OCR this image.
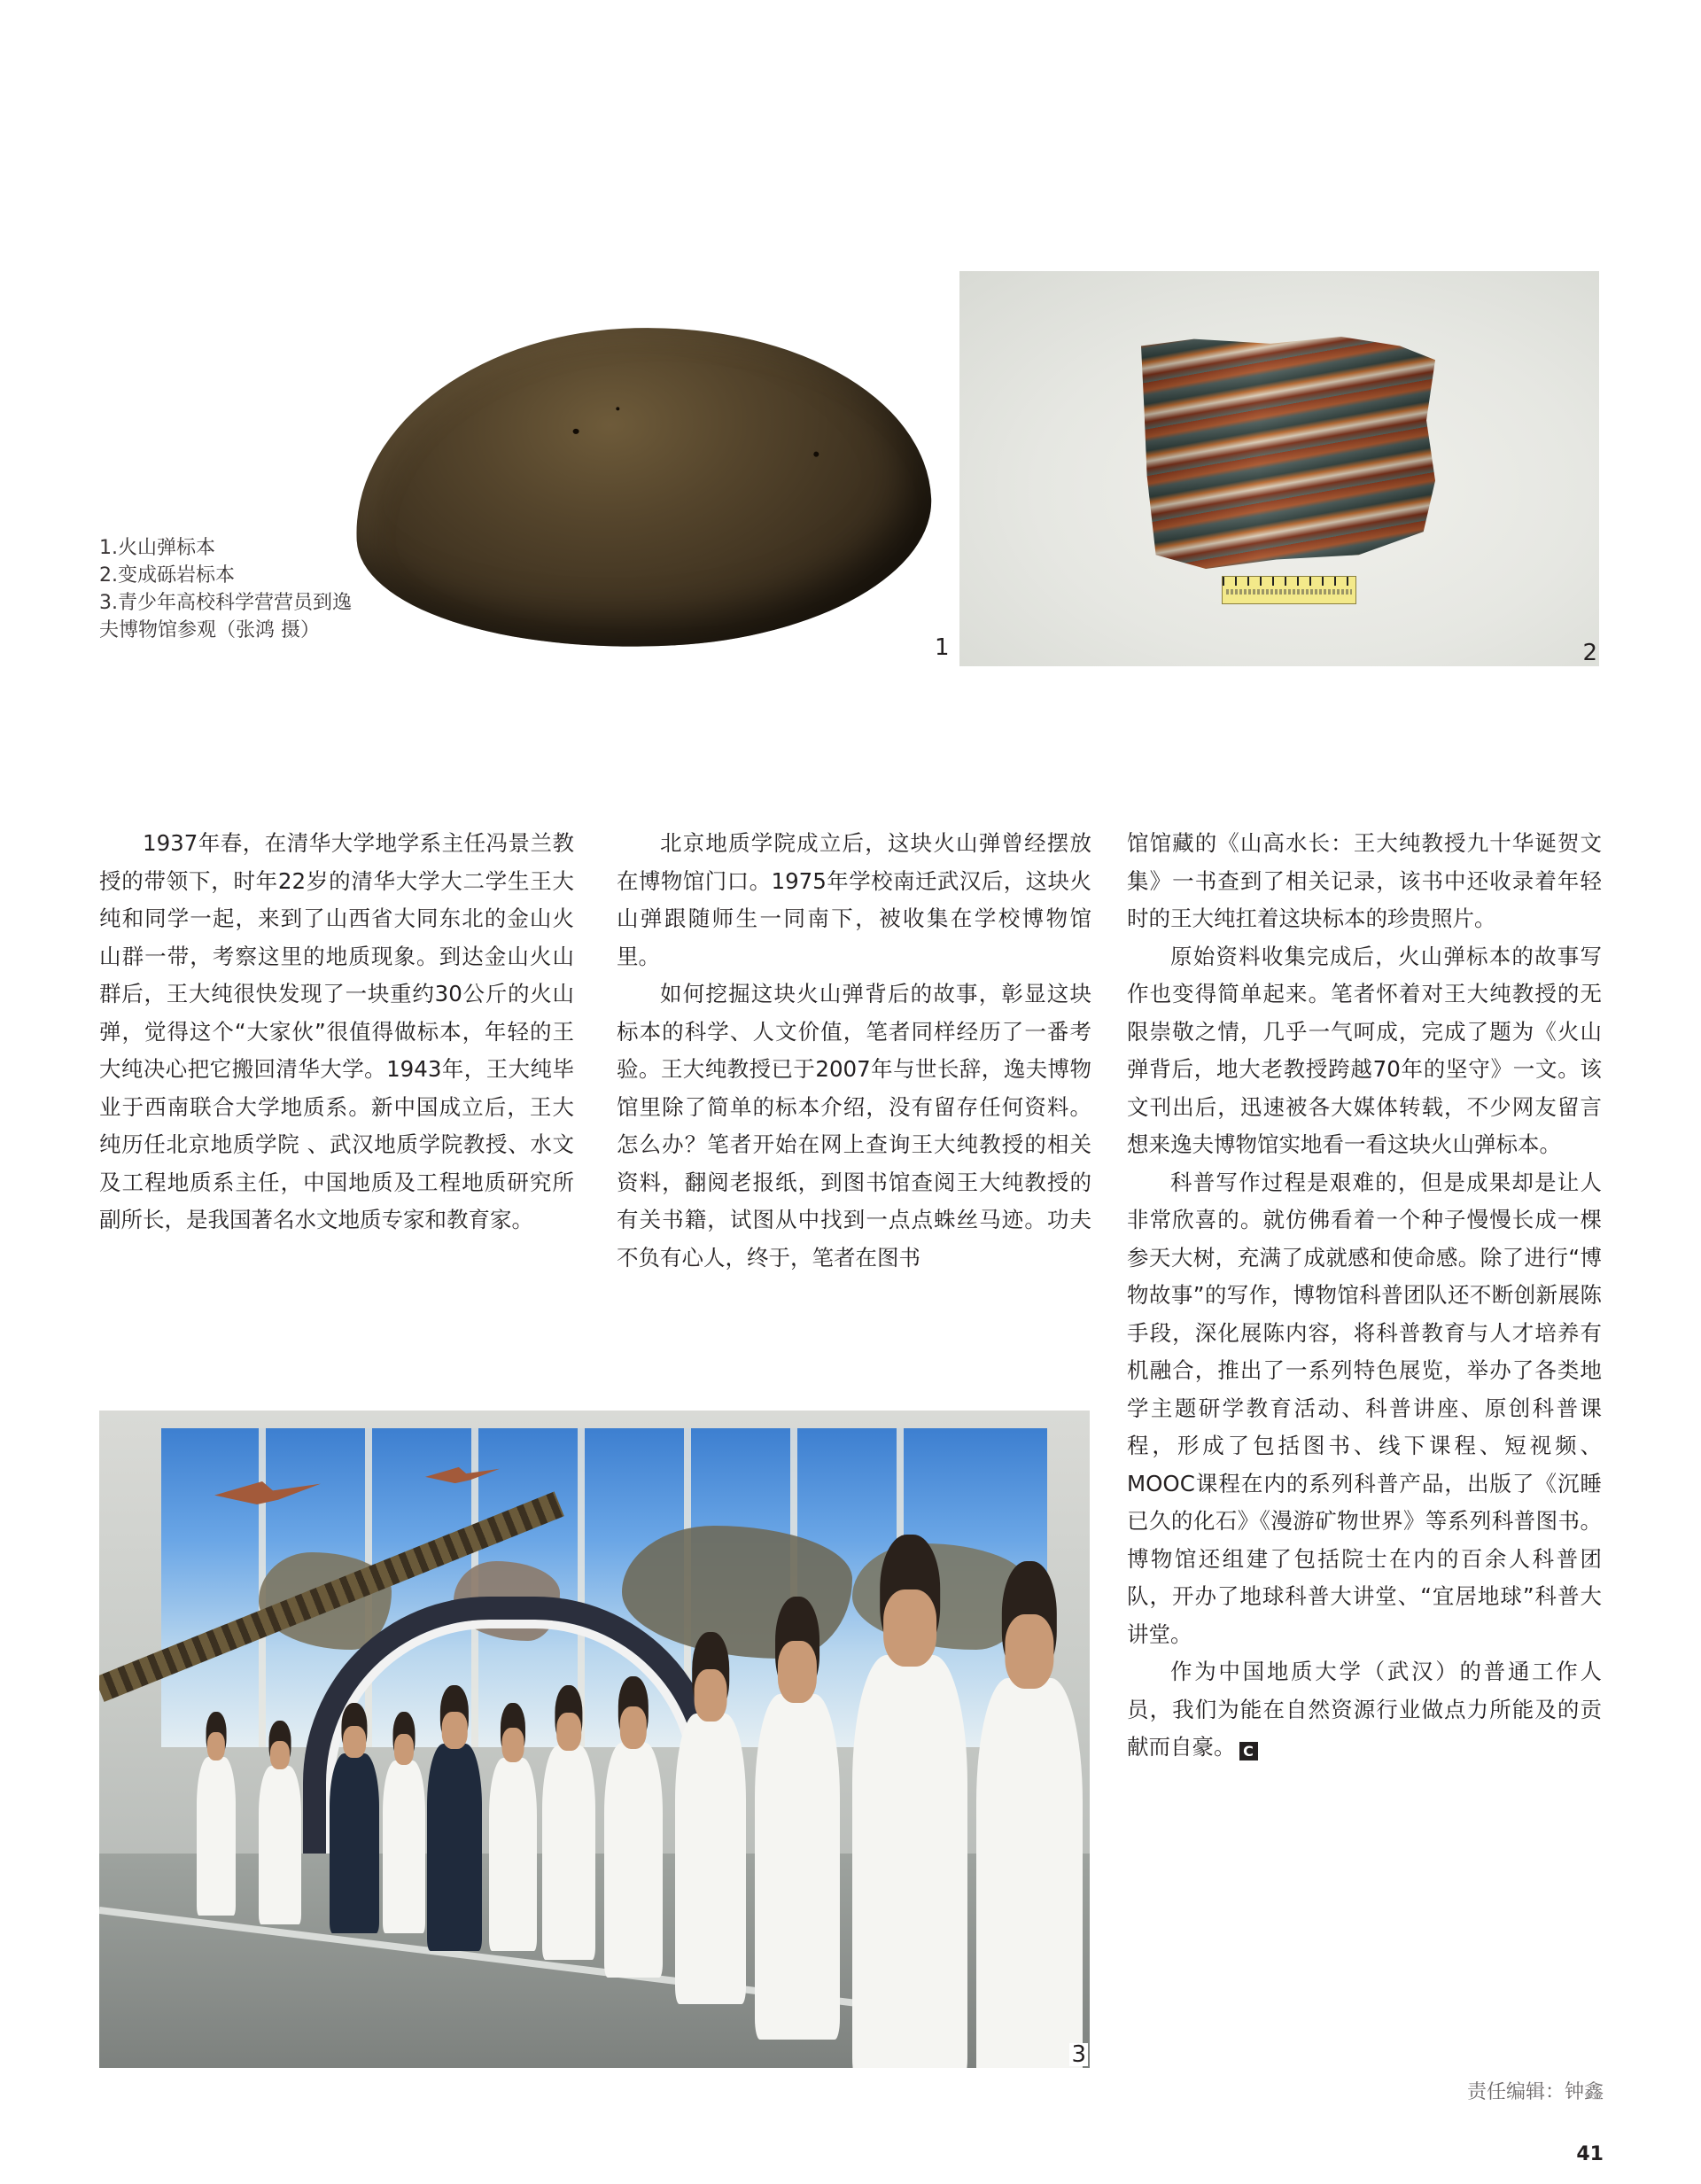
1	2
1.火山弹标本
2.变成砾岩标本
3.青少年高校科学营营员到逸
夫博物馆参观（张鸿 摄）

1937年春，在清华大学地学系主任冯景兰教授的带领下，时年22岁的清华大学大二学生王大纯和同学一起，来到了山西省大同东北的金山火山群一带，考察这里的地质现象。到达金山火山群后，王大纯很快发现了一块重约30公斤的火山弹，觉得这个“大家伙”很值得做标本，年轻的王大纯决心把它搬回清华大学。1943年，王大纯毕业于西南联合大学地质系。新中国成立后，王大纯历任北京地质学院 、武汉地质学院教授、水文及工程地质系主任，中国地质及工程地质研究所副所长，是我国著名水文地质专家和教育家。

北京地质学院成立后，这块火山弹曾经摆放在博物馆门口。1975年学校南迁武汉后，这块火山弹跟随师生一同南下，被收集在学校博物馆里。

如何挖掘这块火山弹背后的故事，彰显这块标本的科学、人文价值，笔者同样经历了一番考验。王大纯教授已于2007年与世长辞，逸夫博物馆里除了简单的标本介绍，没有留存任何资料。怎么办？笔者开始在网上查询王大纯教授的相关资料，翻阅老报纸，到图书馆查阅王大纯教授的有关书籍，试图从中找到一点点蛛丝马迹。功夫不负有心人，终于，笔者在图书

馆馆藏的《山高水长：王大纯教授九十华诞贺文集》一书查到了相关记录，该书中还收录着年轻时的王大纯扛着这块标本的珍贵照片。

原始资料收集完成后，火山弹标本的故事写作也变得简单起来。笔者怀着对王大纯教授的无限崇敬之情，几乎一气呵成，完成了题为《火山弹背后，地大老教授跨越70年的坚守》一文。该文刊出后，迅速被各大媒体转载，不少网友留言想来逸夫博物馆实地看一看这块火山弹标本。

科普写作过程是艰难的，但是成果却是让人非常欣喜的。就仿佛看着一个种子慢慢长成一棵参天大树，充满了成就感和使命感。除了进行“博物故事”的写作，博物馆科普团队还不断创新展陈手段，深化展陈内容，将科普教育与人才培养有机融合，推出了一系列特色展览，举办了各类地学主题研学教育活动、科普讲座、原创科普课程，形成了包括图书、线下课程、短视频、MOOC课程在内的系列科普产品，出版了《沉睡已久的化石》《漫游矿物世界》等系列科普图书。博物馆还组建了包括院士在内的百余人科普团队，开办了地球科普大讲堂、“宜居地球”科普大讲堂。

作为中国地质大学（武汉）的普通工作人员，我们为能在自然资源行业做点力所能及的贡献而自豪。 C

3
责任编辑：钟鑫
41
